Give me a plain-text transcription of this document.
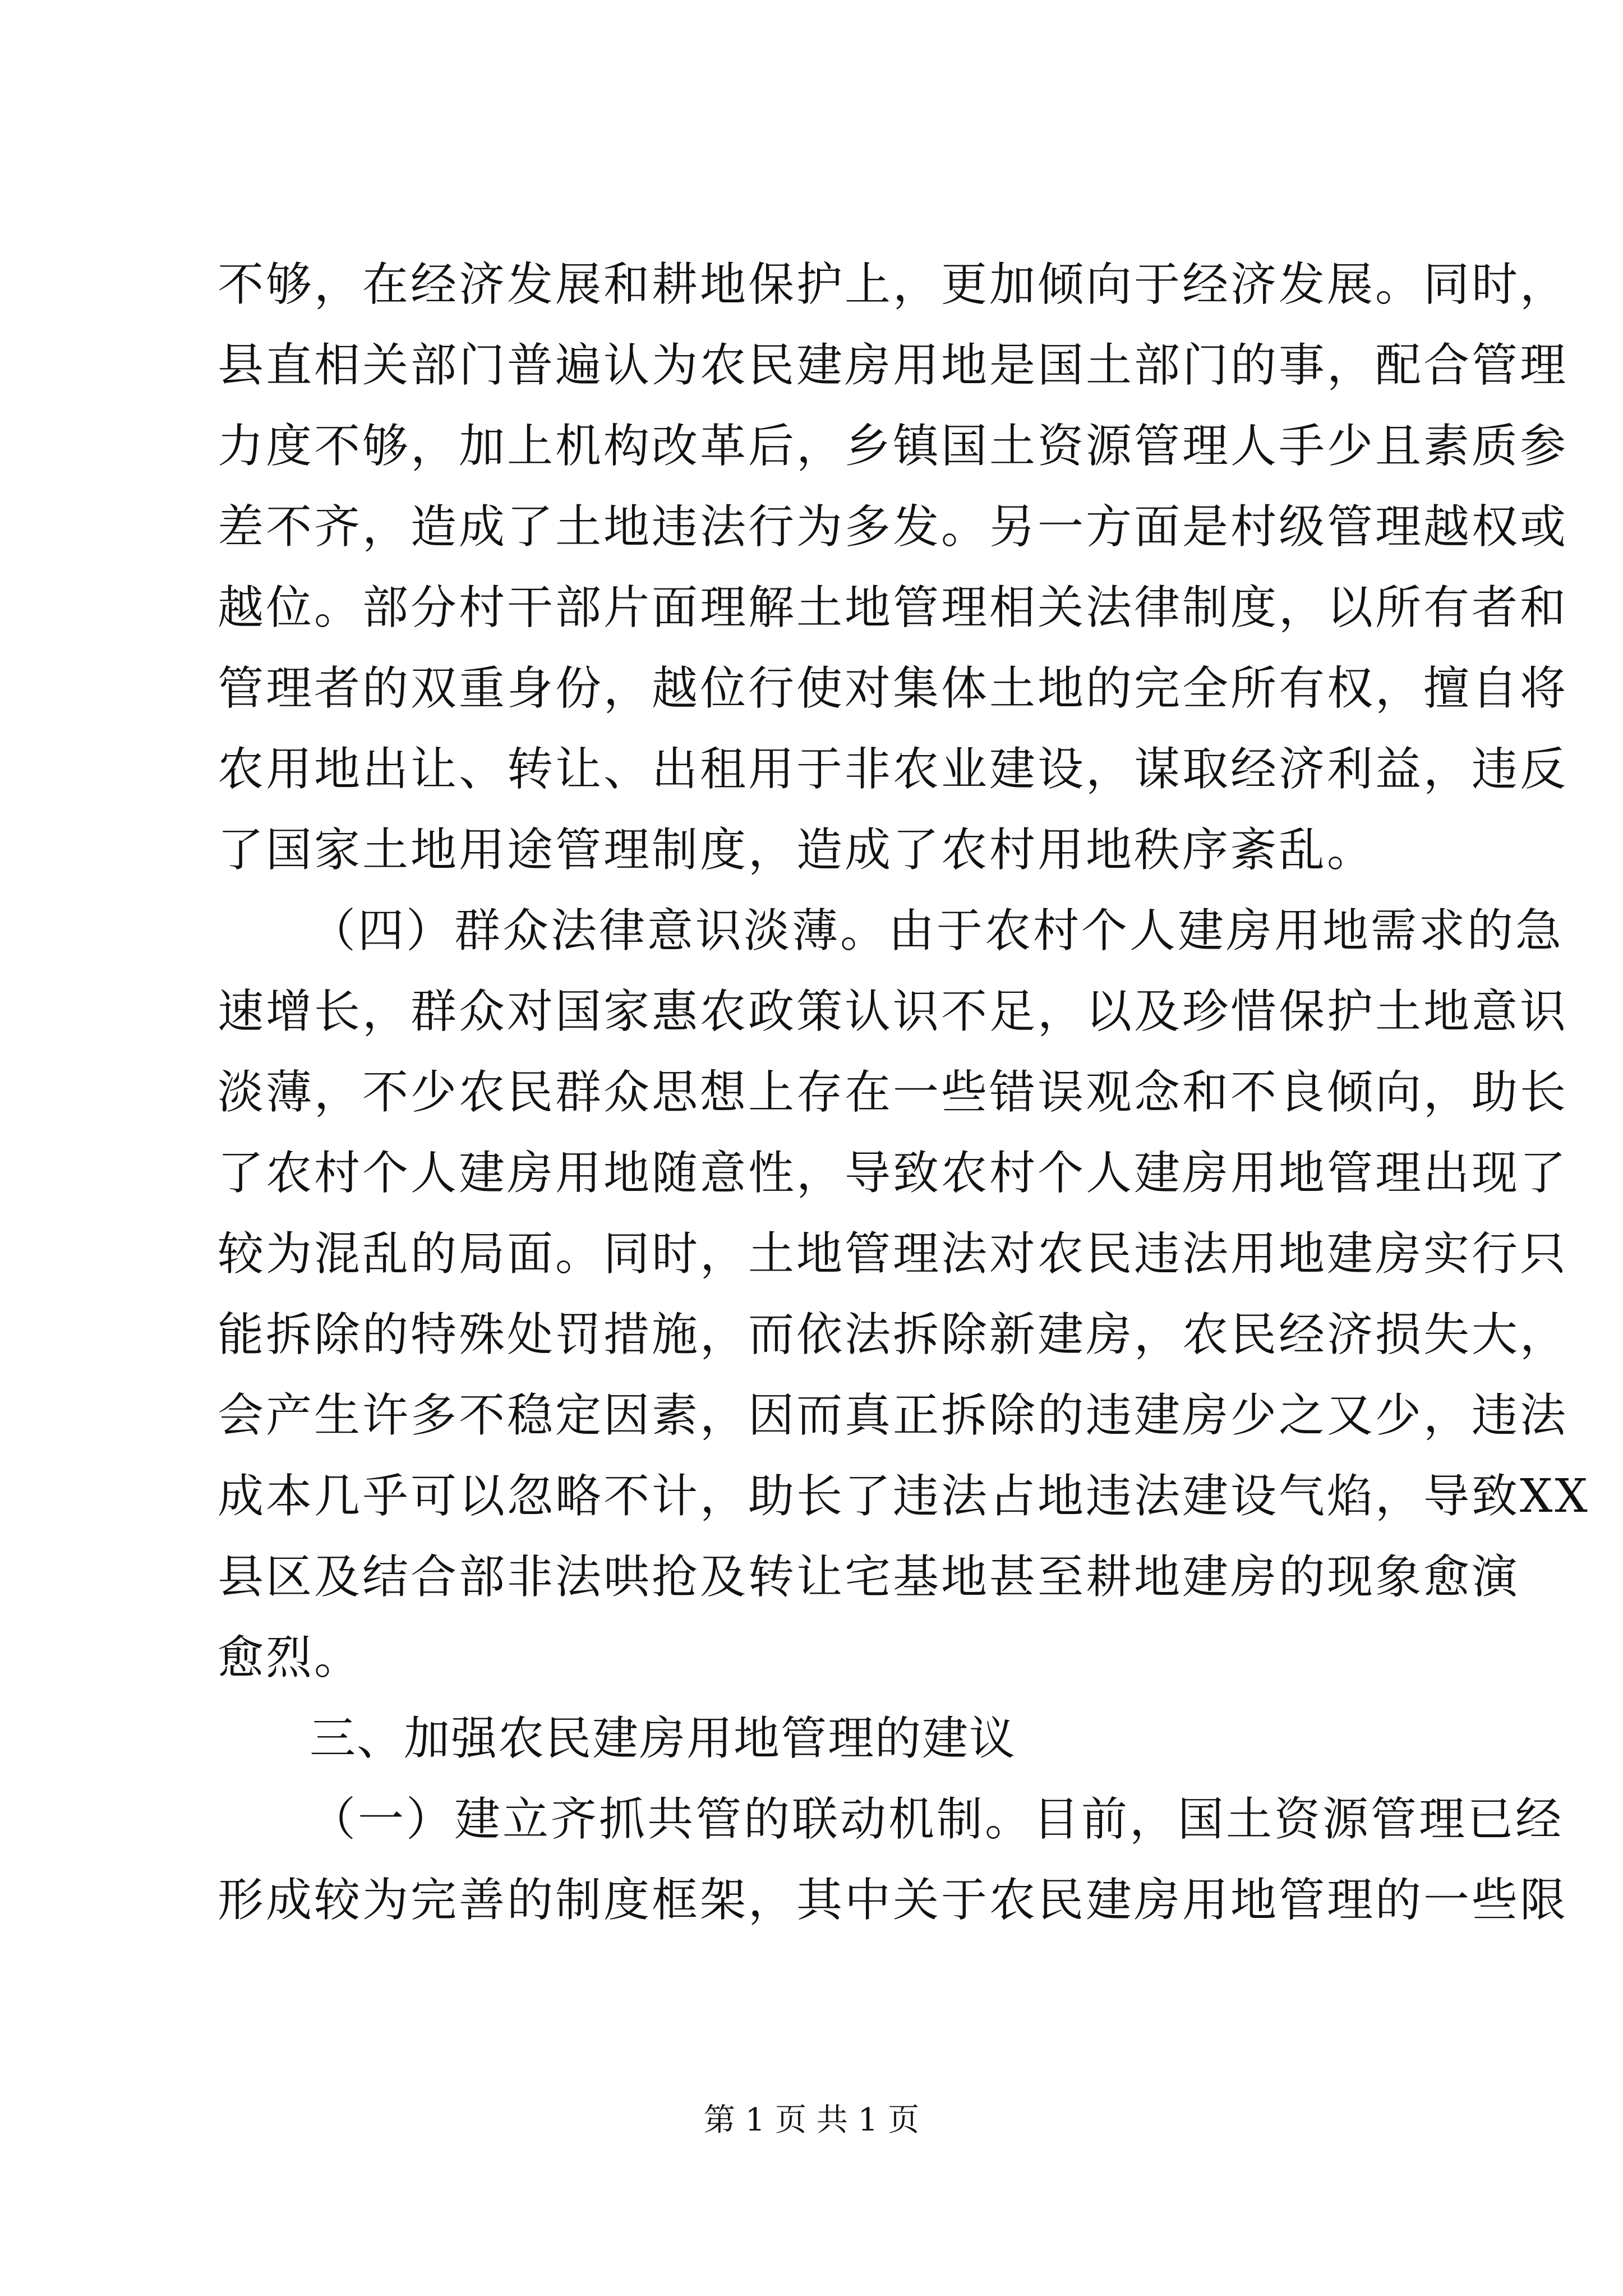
不够，在经济发展和耕地保护上，更加倾向于经济发展。同时，
县直相关部门普遍认为农民建房用地是国土部门的事，配合管理
力度不够，加上机构改革后，乡镇国土资源管理人手少且素质参
差不齐，造成了土地违法行为多发。另一方面是村级管理越权或
越位。部分村干部片面理解土地管理相关法律制度，以所有者和
管理者的双重身份，越位行使对集体土地的完全所有权，擅自将
农用地出让、转让、出租用于非农业建设，谋取经济利益，违反
了国家土地用途管理制度，造成了农村用地秩序紊乱。
（四）群众法律意识淡薄。由于农村个人建房用地需求的急
速增长，群众对国家惠农政策认识不足，以及珍惜保护土地意识
淡薄，不少农民群众思想上存在一些错误观念和不良倾向，助长
了农村个人建房用地随意性，导致农村个人建房用地管理出现了
较为混乱的局面。同时，土地管理法对农民违法用地建房实行只
能拆除的特殊处罚措施，而依法拆除新建房，农民经济损失大，
会产生许多不稳定因素，因而真正拆除的违建房少之又少，违法
成本几乎可以忽略不计，助长了违法占地违法建设气焰，导致XX
县区及结合部非法哄抢及转让宅基地甚至耕地建房的现象愈演
愈烈。
三、加强农民建房用地管理的建议
（一）建立齐抓共管的联动机制。目前，国土资源管理已经
形成较为完善的制度框架，其中关于农民建房用地管理的一些限
第 1 页 共 1 页
